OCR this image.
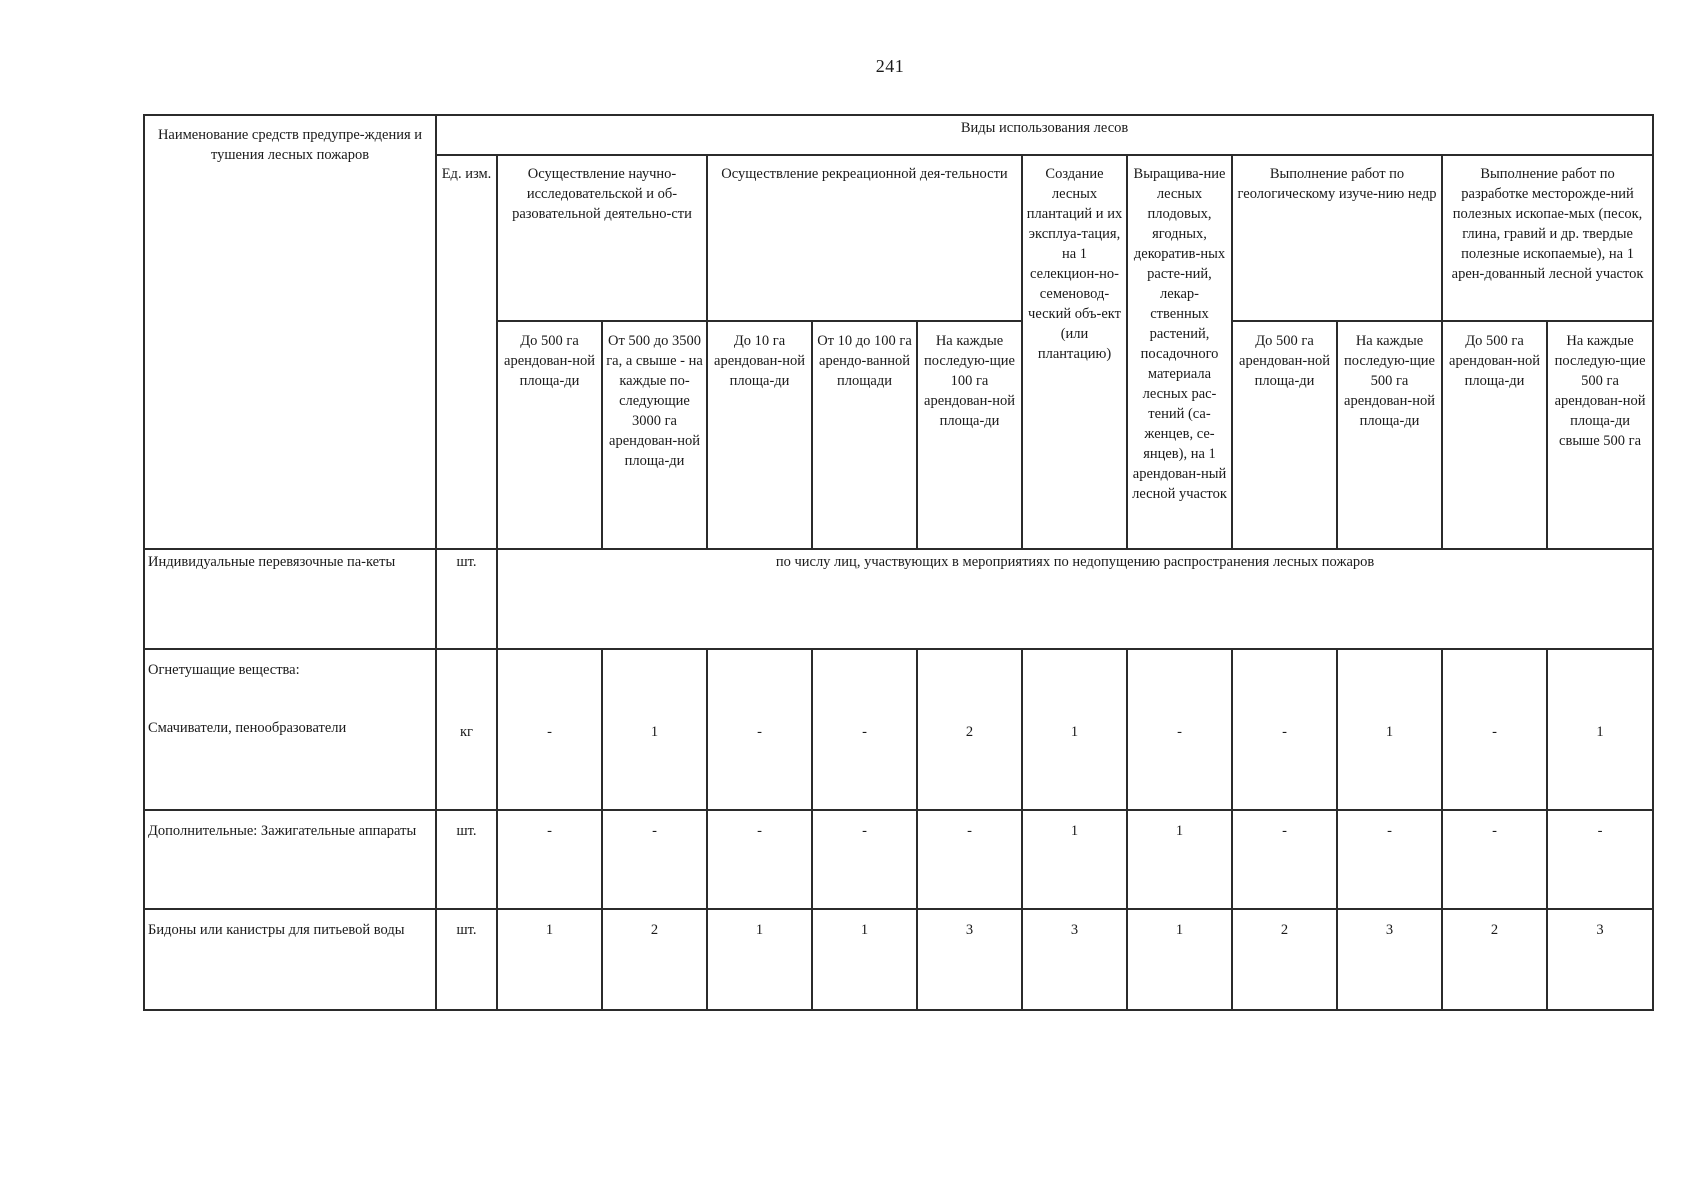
241
Наименование средств предупре-ждения и тушения лесных пожаров	Виды использования лесов											
	Ед. изм.	Осуществление научно-исследовательской и об-разовательной деятельно-сти		Осуществление рекреационной дея-тельности			Создание лесных плантаций и их эксплуа-тация, на 1 селекцион-но-семеновод-ческий объ-ект (или плантацию)	Выращива-ние лесных плодовых, ягодных, декоратив-ных расте-ний, лекар-ственных растений, посадочного материала лесных рас-тений (са-женцев, се-янцев), на 1 арендован-ный лесной участок	Выполнение работ по геологическому изуче-нию недр		Выполнение работ по разработке месторожде-ний полезных ископае-мых (песок, глина, гравий и др. твердые полезные ископаемые), на 1 арен-дованный лесной участок	
		До 500 га арендован-ной площа-ди	От 500 до 3500 га, а свыше - на каждые по-следующие 3000 га арендован-ной площа-ди	До 10 га арендован-ной площа-ди	От 10 до 100 га арендо-ванной площади	На каждые последую-щие 100 га арендован-ной площа-ди			До 500 га арендован-ной площа-ди	На каждые последую-щие 500 га арендован-ной площа-ди	До 500 га арендован-ной площа-ди	На каждые последую-щие 500 га арендован-ной площа-ди свыше 500 га
Индивидуальные перевязочные па-кеты	шт.	по числу лиц, участвующих в мероприятиях по недопущению распространения лесных пожаров										

Огнетушащие вещества:
Смачиватели, пенообразователи	кг	-	1	-	-	2	1	-	-	1	-	1
Дополнительные: Зажигательные аппараты	шт.	-	-	-	-	-	1	1	-	-	-	-
Бидоны или канистры для питьевой воды	шт.	1	2	1	1	3	3	1	2	3	2	3
